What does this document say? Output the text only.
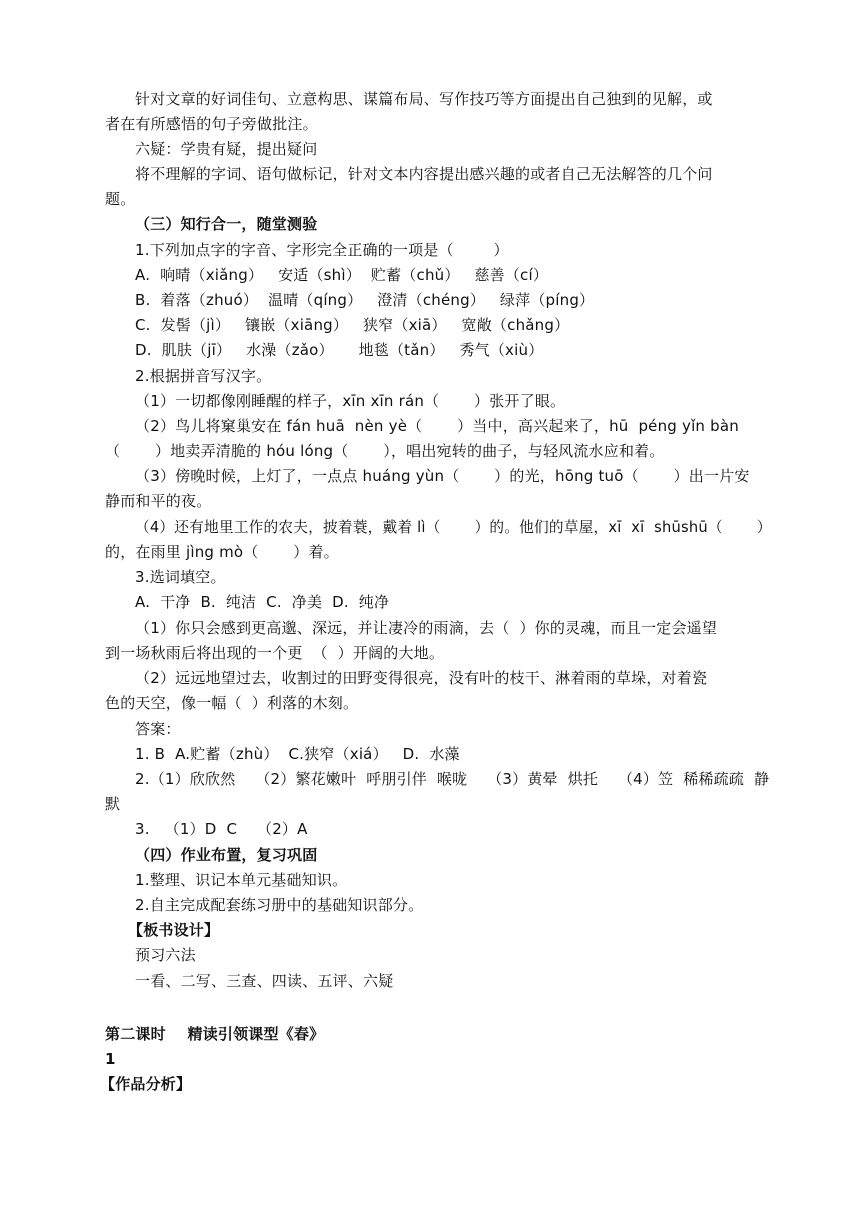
针对文章的好词佳句、立意构思、谋篇布局、写作技巧等方面提出自己独到的见解，或
者在有所感悟的句子旁做批注。
六疑：学贵有疑，提出疑问
将不理解的字词、语句做标记，针对文本内容提出感兴趣的或者自己无法解答的几个问
题。
（三）知行合一，随堂测验
1.下列加点字的字音、字形完全正确的一项是（        ）
A.  响晴（xiǎng）   安适（shì）  贮蓄（chǔ）   慈善（cí）
B.  着落（zhuó）  温晴（qíng）   澄清（chéng）   绿萍（píng）
C.  发髻（jì）   镶嵌（xiāng）   狭窄（xiā）   宽敞（chǎng）
D.  肌肤（jī）   水澡（zǎo）     地毯（tǎn）   秀气（xiù）
2.根据拼音写汉字。
（1）一切都像刚睡醒的样子，xīn xīn rán（       ）张开了眼。
（2）鸟儿将窠巢安在 fán huā  nèn yè（       ）当中，高兴起来了，hū  péng yǐn bàn
（       ）地卖弄清脆的 hóu lóng（       ），唱出宛转的曲子，与轻风流水应和着。
（3）傍晚时候，上灯了，一点点 huáng yùn（       ）的光，hōng tuō（       ）出一片安
静而和平的夜。
（4）还有地里工作的农夫，披着蓑，戴着 lì（       ）的。他们的草屋，xī  xī  shūshū（       ）
的，在雨里 jìng mò（       ）着。
3.选词填空。
A.  干净  B.  纯洁  C.  净美  D.  纯净
（1）你只会感到更高邈、深远，并让凄冷的雨滴，去（  ）你的灵魂，而且一定会遥望
到一场秋雨后将出现的一个更  （  ）开阔的大地。
（2）远远地望过去，收割过的田野变得很亮，没有叶的枝干、淋着雨的草垛，对着瓷
色的天空，像一幅（  ）利落的木刻。
答案：
1. B  A.贮蓄（zhù）  C.狭窄（xiá）   D.  水藻
2.（1）欣欣然    （2）繁花嫩叶  呼朋引伴  喉咙    （3）黄晕  烘托    （4）笠  稀稀疏疏  静
默
3.   （1）D  C    （2）A
（四）作业布置，复习巩固
1.整理、识记本单元基础知识。
2.自主完成配套练习册中的基础知识部分。
【板书设计】
预习六法
一看、二写、三查、四读、五评、六疑
第二课时    精读引领课型《春》
1
【作品分析】
